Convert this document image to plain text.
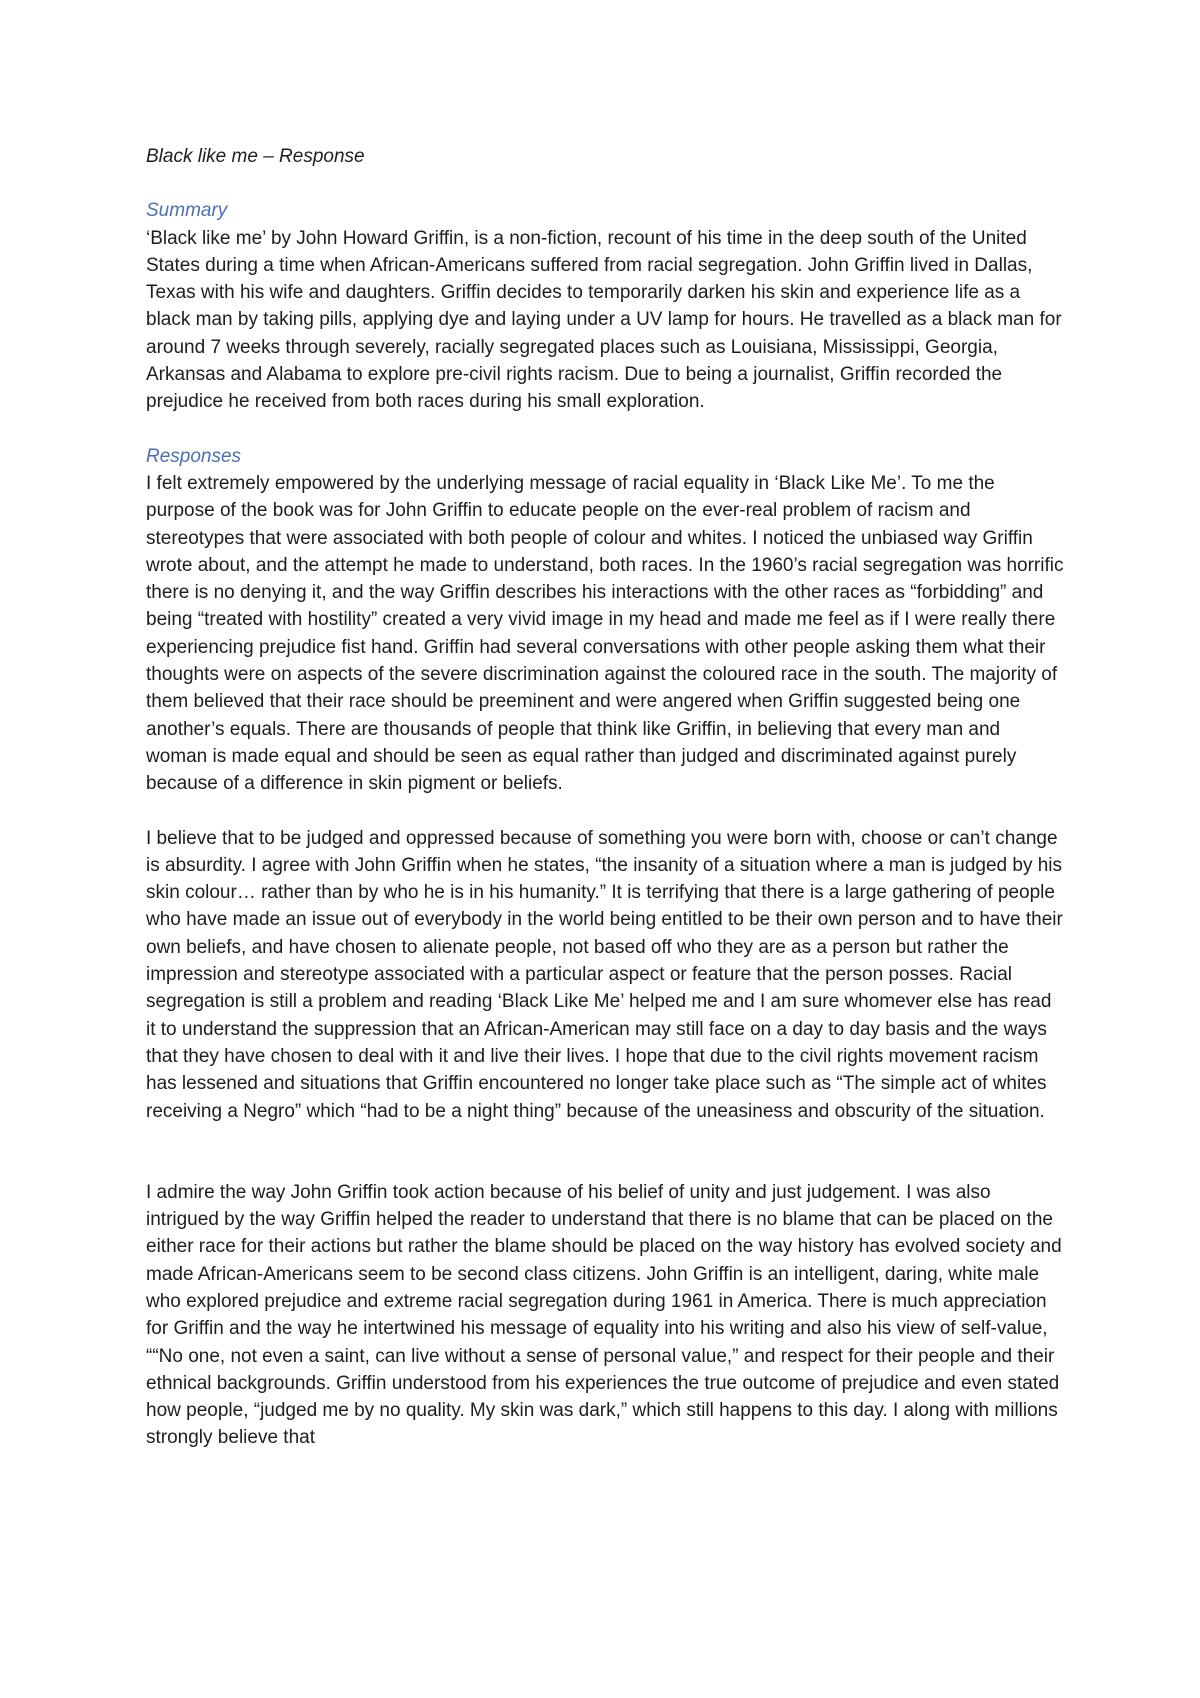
Black like me – Response

Summary

‘Black like me’ by John Howard Griffin, is a non-fiction, recount of his time in the deep south of the United States during a time when African-Americans suffered from racial segregation. John Griffin lived in Dallas, Texas with his wife and daughters. Griffin decides to temporarily darken his skin and experience life as a black man by taking pills, applying dye and laying under a UV lamp for hours. He travelled as a black man for around 7 weeks through severely, racially segregated places such as Louisiana, Mississippi, Georgia, Arkansas and Alabama to explore pre-civil rights racism. Due to being a journalist, Griffin recorded the prejudice he received from both races during his small exploration.

Responses

I felt extremely empowered by the underlying message of racial equality in ‘Black Like Me’. To me the purpose of the book was for John Griffin to educate people on the ever-real problem of racism and stereotypes that were associated with both people of colour and whites. I noticed the unbiased way Griffin wrote about, and the attempt he made to understand, both races. In the 1960’s racial segregation was horrific there is no denying it, and the way Griffin describes his interactions with the other races as “forbidding” and being “treated with hostility” created a very vivid image in my head and made me feel as if I were really there experiencing prejudice fist hand. Griffin had several conversations with other people asking them what their thoughts were on aspects of the severe discrimination against the coloured race in the south. The majority of them believed that their race should be preeminent and were angered when Griffin suggested being one another’s equals. There are thousands of people that think like Griffin, in believing that every man and woman is made equal and should be seen as equal rather than judged and discriminated against purely because of a difference in skin pigment or beliefs.

I believe that to be judged and oppressed because of something you were born with, choose or can’t change is absurdity. I agree with John Griffin when he states, “the insanity of a situation where a man is judged by his skin colour… rather than by who he is in his humanity.” It is terrifying that there is a large gathering of people who have made an issue out of everybody in the world being entitled to be their own person and to have their own beliefs, and have chosen to alienate people, not based off who they are as a person but rather the impression and stereotype associated with a particular aspect or feature that the person posses. Racial segregation is still a problem and reading ‘Black Like Me’ helped me and I am sure whomever else has read it to understand the suppression that an African-American may still face on a day to day basis and the ways that they have chosen to deal with it and live their lives. I hope that due to the civil rights movement racism has lessened and situations that Griffin encountered no longer take place such as “The simple act of whites receiving a Negro” which “had to be a night thing” because of the uneasiness and obscurity of the situation.

I admire the way John Griffin took action because of his belief of unity and just judgement. I was also intrigued by the way Griffin helped the reader to understand that there is no blame that can be placed on the either race for their actions but rather the blame should be placed on the way history has evolved society and made African-Americans seem to be second class citizens. John Griffin is an intelligent, daring, white male who explored prejudice and extreme racial segregation during 1961 in America. There is much appreciation for Griffin and the way he intertwined his message of equality into his writing and also his view of self-value, ““No one, not even a saint, can live without a sense of personal value,” and respect for their people and their ethnical backgrounds. Griffin understood from his experiences the true outcome of prejudice and even stated how people, “judged me by no quality. My skin was dark,” which still happens to this day. I along with millions strongly believe that
